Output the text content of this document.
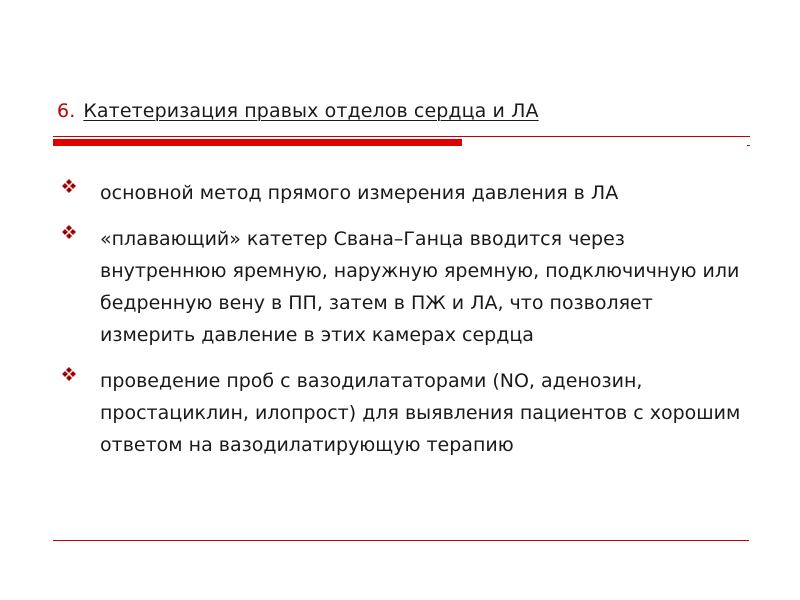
6. Катетеризация правых отделов сердца и ЛА
основной метод прямого измерения давления в ЛА
«плавающий» катетер Свана–Ганца вводится через внутреннюю яремную, наружную яремную, подключичную или бедренную вену в ПП, затем в ПЖ и ЛА, что позволяет измерить давление в этих камерах сердца
проведение проб с вазодилататорами (NO, аденозин, простациклин, илопрост) для выявления пациентов с хорошим ответом на вазодилатирующую терапию
